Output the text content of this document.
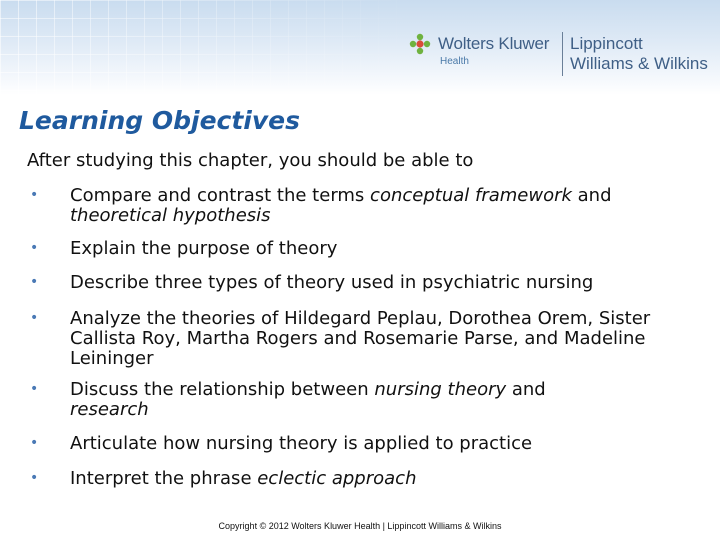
Wolters Kluwer
Health
Lippincott
Williams & Wilkins
Learning Objectives
After studying this chapter, you should be able to
• Compare and contrast the terms conceptual framework and theoretical hypothesis
• Explain the purpose of theory
• Describe three types of theory used in psychiatric nursing
• Analyze the theories of Hildegard Peplau, Dorothea Orem, Sister Callista Roy, Martha Rogers and Rosemarie Parse, and Madeline Leininger
• Discuss the relationship between nursing theory and research
• Articulate how nursing theory is applied to practice
• Interpret the phrase eclectic approach
Copyright © 2012 Wolters Kluwer Health | Lippincott Williams & Wilkins
